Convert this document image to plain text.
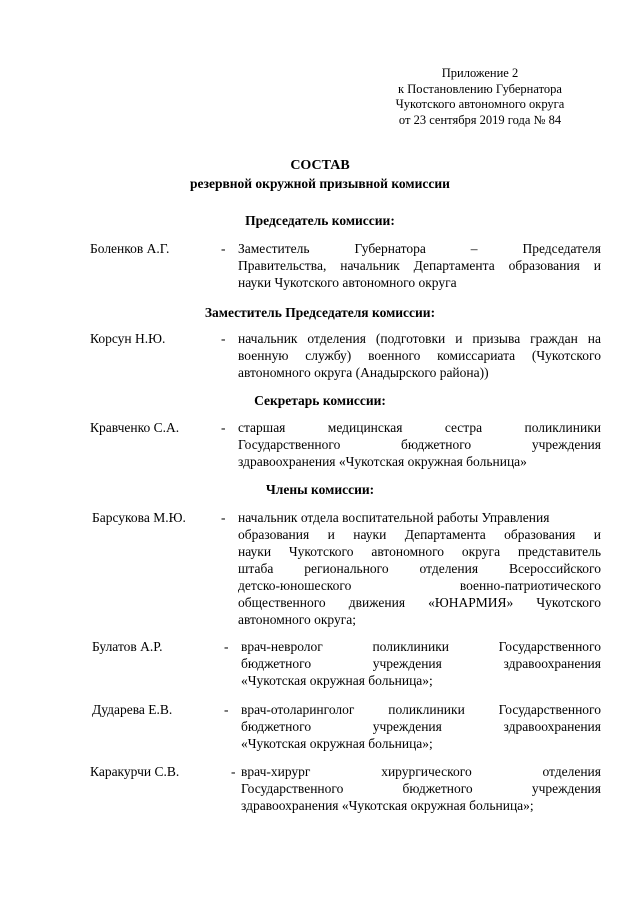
Приложение 2
к Постановлению Губернатора
Чукотского автономного округа
от 23 сентября 2019 года № 84
СОСТАВ
резервной окружной призывной комиссии
Председатель комиссии:
Боленков А.Г.	- Заместитель Губернатора – Председателя
Правительства, начальник Департамента образования и
науки Чукотского автономного округа
Заместитель Председателя комиссии:
Корсун Н.Ю.	- начальник отделения (подготовки и призыва граждан на
военную службу) военного комиссариата (Чукотского
автономного округа (Анадырского района))
Секретарь комиссии:
Кравченко С.А.	- старшая медицинская сестра поликлиники
Государственного бюджетного учреждения
здравоохранения «Чукотская окружная больница»
Члены комиссии:
Барсукова М.Ю.	- начальник отдела воспитательной работы Управления
образования и науки Департамента образования и
науки Чукотского автономного округа представитель
штаба регионального отделения Всероссийского
детско-юношеского военно-патриотического
общественного движения «ЮНАРМИЯ» Чукотского
автономного округа;
Булатов А.Р.	- врач-невролог поликлиники Государственного
бюджетного учреждения здравоохранения
«Чукотская окружная больница»;
Дударева Е.В.	- врач-отоларинголог поликлиники Государственного
бюджетного учреждения здравоохранения
«Чукотская окружная больница»;
Каракурчи С.В.	- врач-хирург хирургического отделения
Государственного бюджетного учреждения
здравоохранения «Чукотская окружная больница»;
